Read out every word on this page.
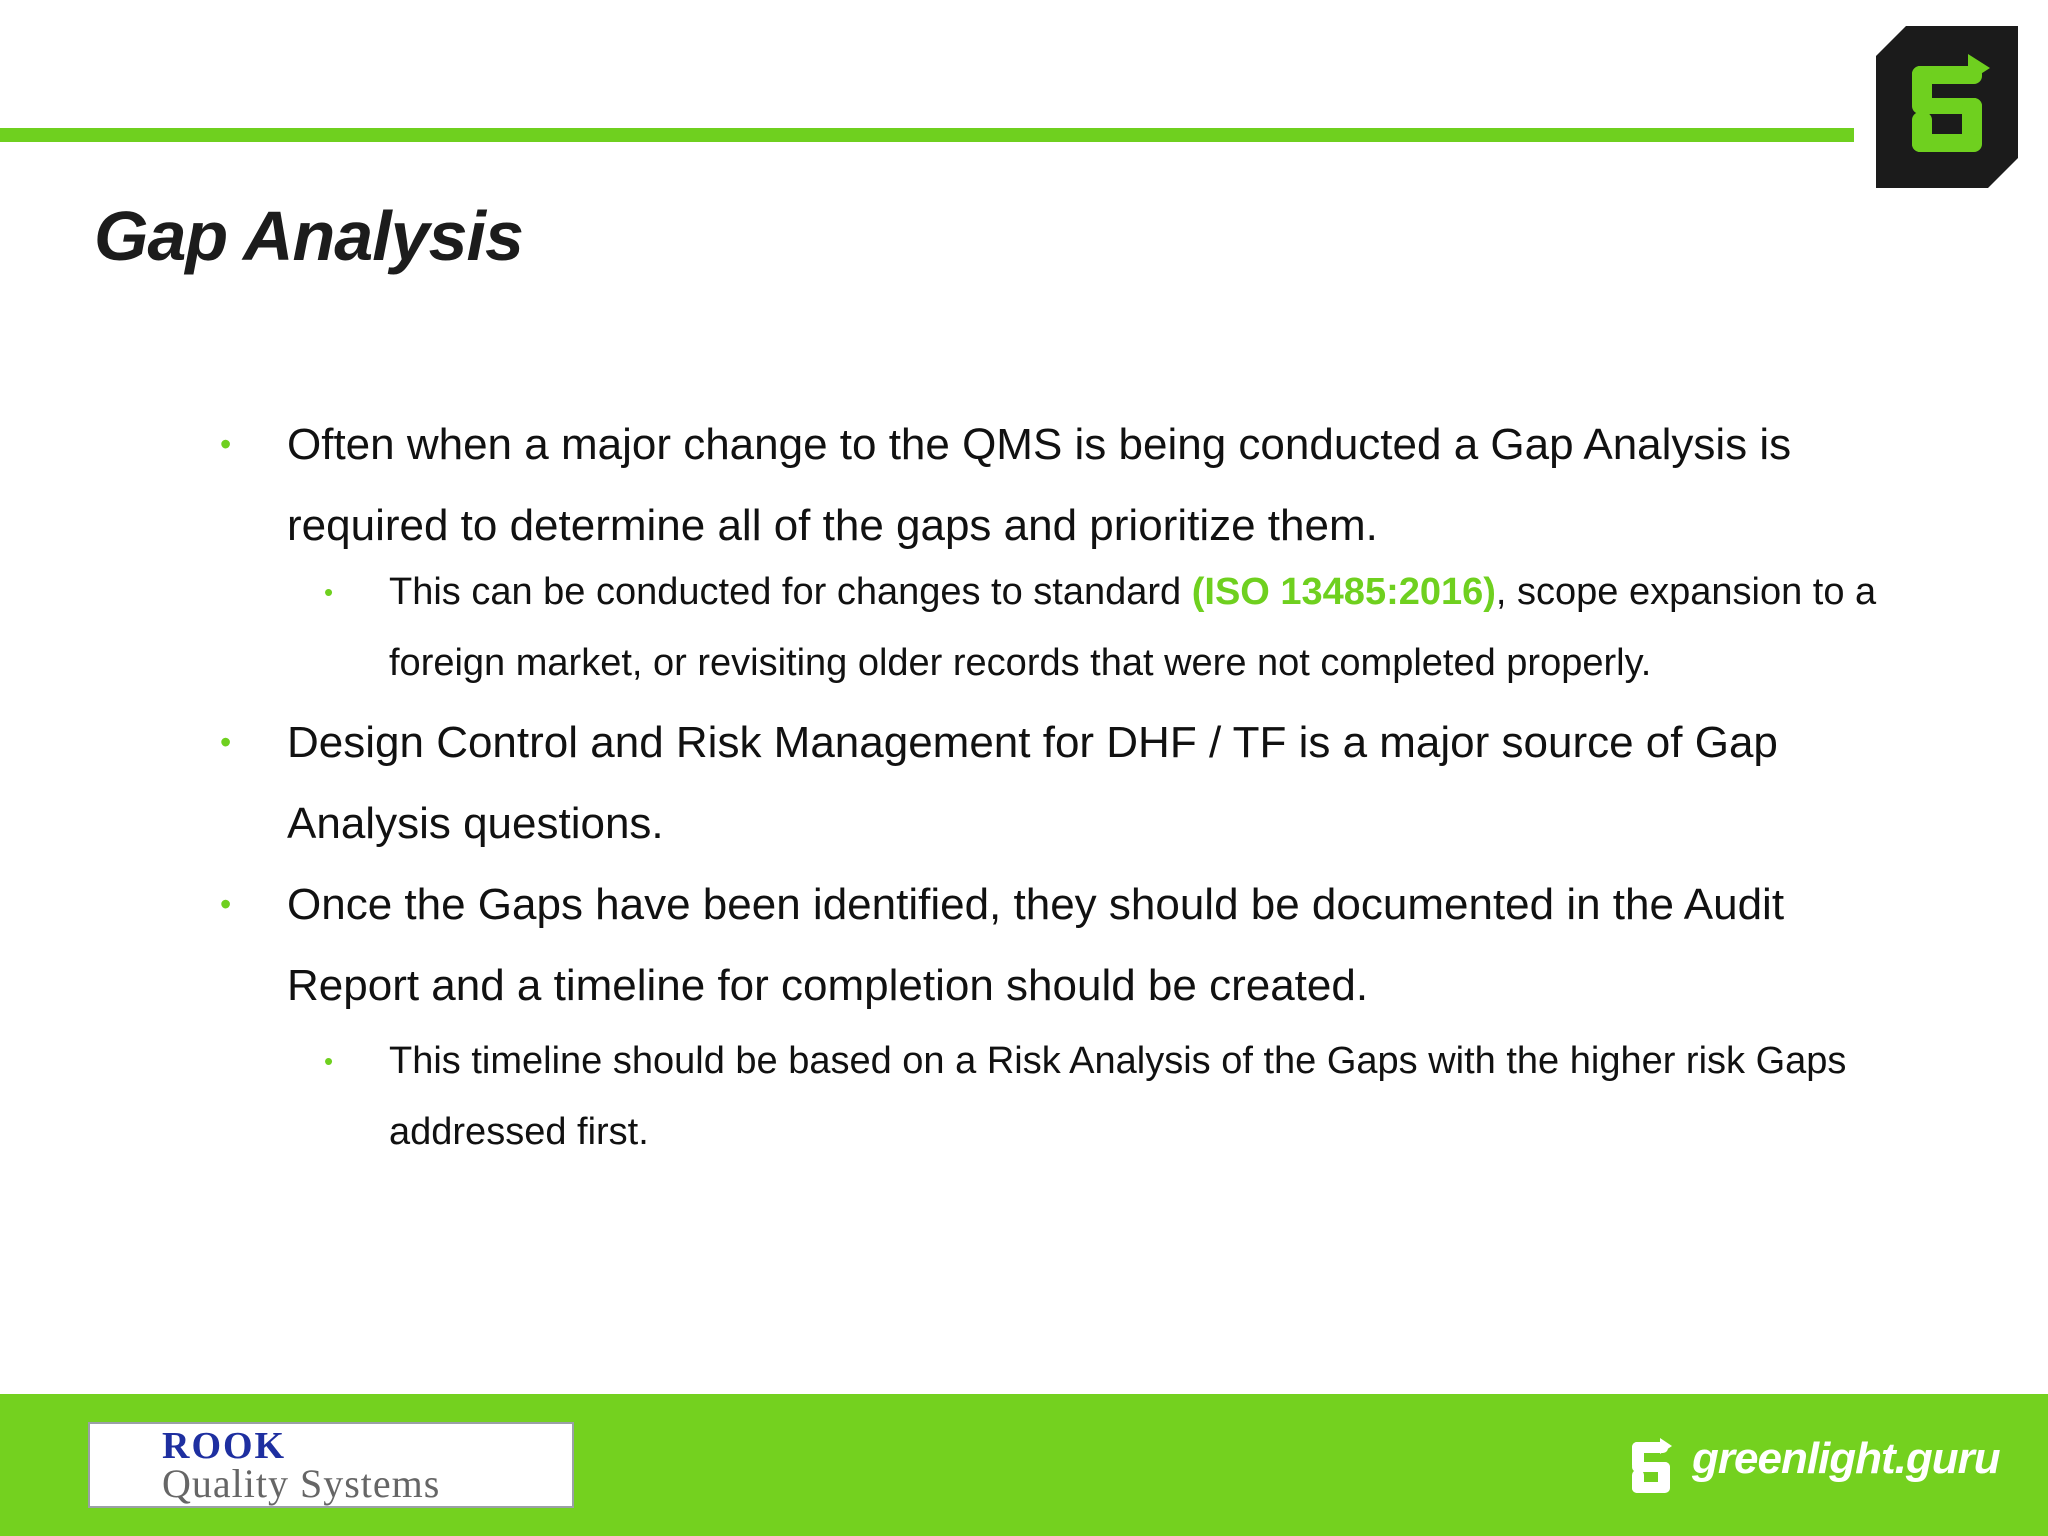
Gap Analysis

• Often when a major change to the QMS is being conducted a Gap Analysis is required to determine all of the gaps and prioritize them.

• This can be conducted for changes to standard (ISO 13485:2016), scope expansion to a foreign market, or revisiting older records that were not completed properly.

• Design Control and Risk Management for DHF / TF is a major source of Gap Analysis questions.

• Once the Gaps have been identified, they should be documented in the Audit Report and a timeline for completion should be created.

• This timeline should be based on a Risk Analysis of the Gaps with the higher risk Gaps addressed first.

ROOK
Quality Systems
greenlight.guru
